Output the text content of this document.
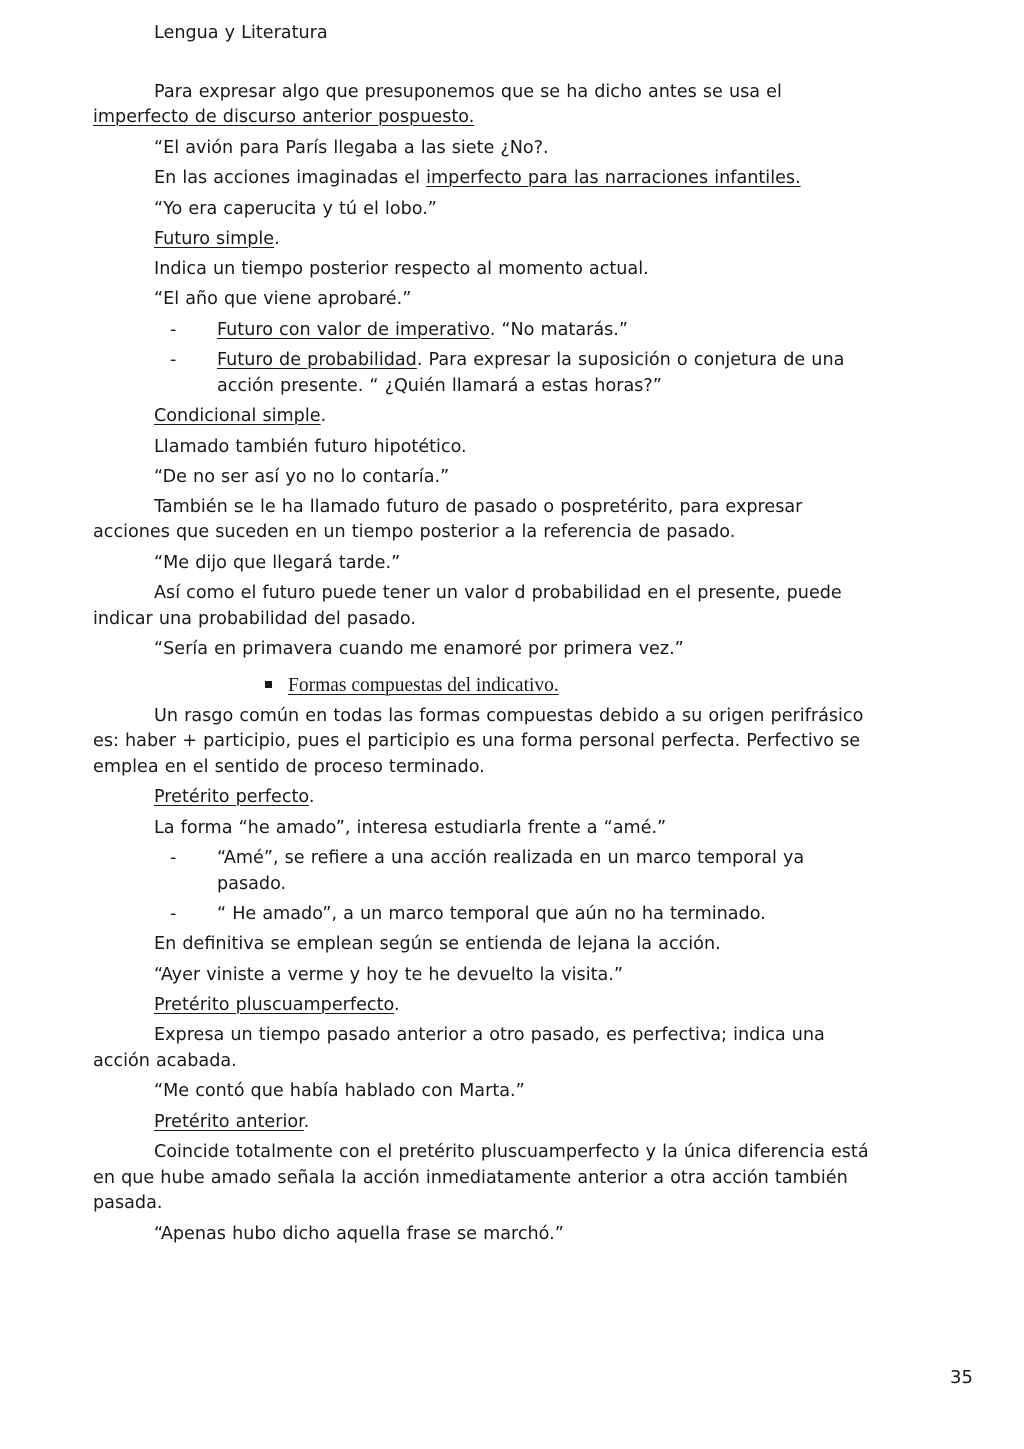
Formas compuestas del indicativo.
35
Lengua y Literatura
Para expresar algo que presuponemos que se ha dicho antes se usa el
imperfecto de discurso anterior pospuesto.
“El avión para París llegaba a las siete ¿No?.
En las acciones imaginadas el imperfecto para las narraciones infantiles.
“Yo era caperucita y tú el lobo.”
Futuro simple.
Indica un tiempo posterior respecto al momento actual.
“El año que viene aprobaré.”
- Futuro con valor de imperativo. “No matarás.”
- Futuro de probabilidad. Para expresar la suposición o conjetura de una
acción presente. “ ¿Quién llamará a estas horas?”
Condicional simple.
Llamado también futuro hipotético.
“De no ser así yo no lo contaría.”
También se le ha llamado futuro de pasado o pospretérito, para expresar
acciones que suceden en un tiempo posterior a la referencia de pasado.
“Me dijo que llegará tarde.”
Así como el futuro puede tener un valor d probabilidad en el presente, puede
indicar una probabilidad del pasado.
“Sería en primavera cuando me enamoré por primera vez.”
Un rasgo común en todas las formas compuestas debido a su origen perifrásico
es: haber + participio, pues el participio es una forma personal perfecta. Perfectivo se
emplea en el sentido de proceso terminado.
Pretérito perfecto.
La forma “he amado”, interesa estudiarla frente a “amé.”
- “Amé”, se refiere a una acción realizada en un marco temporal ya
pasado.
- “ He amado”, a un marco temporal que aún no ha terminado.
En definitiva se emplean según se entienda de lejana la acción.
“Ayer viniste a verme y hoy te he devuelto la visita.”
Pretérito pluscuamperfecto.
Expresa un tiempo pasado anterior a otro pasado, es perfectiva; indica una
acción acabada.
“Me contó que había hablado con Marta.”
Pretérito anterior.
Coincide totalmente con el pretérito pluscuamperfecto y la única diferencia está
en que hube amado señala la acción inmediatamente anterior a otra acción también
pasada.
“Apenas hubo dicho aquella frase se marchó.”
